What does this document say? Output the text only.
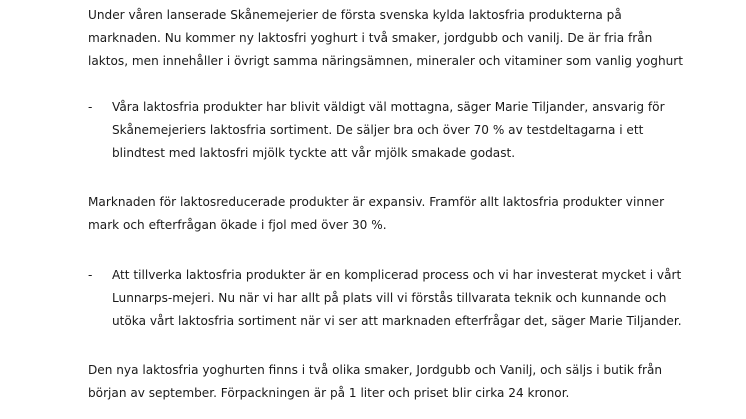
Under våren lanserade Skånemejerier de första svenska kylda laktosfria produkterna på
marknaden. Nu kommer ny laktosfri yoghurt i två smaker, jordgubb och vanilj. De är fria från
laktos, men innehåller i övrigt samma näringsämnen, mineraler och vitaminer som vanlig yoghurt

- Våra laktosfria produkter har blivit väldigt väl mottagna, säger Marie Tiljander, ansvarig för
Skånemejeriers laktosfria sortiment. De säljer bra och över 70 % av testdeltagarna i ett
blindtest med laktosfri mjölk tyckte att vår mjölk smakade godast.

Marknaden för laktosreducerade produkter är expansiv. Framför allt laktosfria produkter vinner
mark och efterfrågan ökade i fjol med över 30 %.

- Att tillverka laktosfria produkter är en komplicerad process och vi har investerat mycket i vårt
Lunnarps-mejeri. Nu när vi har allt på plats vill vi förstås tillvarata teknik och kunnande och
utöka vårt laktosfria sortiment när vi ser att marknaden efterfrågar det, säger Marie Tiljander.

Den nya laktosfria yoghurten finns i två olika smaker, Jordgubb och Vanilj, och säljs i butik från
början av september. Förpackningen är på 1 liter och priset blir cirka 24 kronor.
